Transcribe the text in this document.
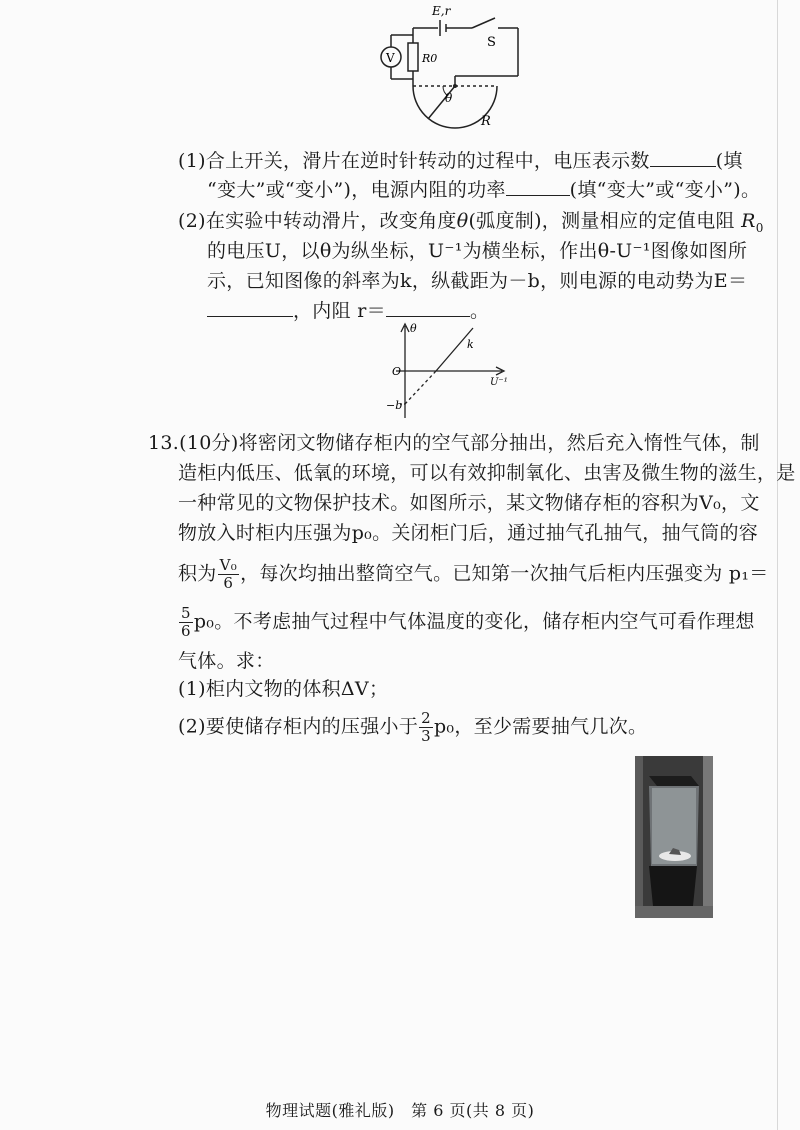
E,r
S
V R0
θ
R
(1)合上开关，滑片在逆时针转动的过程中，电压表示数	(填
“变大”或“变小”)，电源内阻的功率	(填“变大”或“变小”)。
(2)在实验中转动滑片，改变角度θ(弧度制)，测量相应的定值电阻 $R_0$
的电压U，以θ为纵坐标，U⁻¹为横坐标，作出θ-U⁻¹图像如图所
示，已知图像的斜率为k，纵截距为－b，则电源的电动势为E＝
，内阻 r＝	。
θ
U⁻¹
O
k
−b
13.(10分)将密闭文物储存柜内的空气部分抽出，然后充入惰性气体，制
造柜内低压、低氧的环境，可以有效抑制氧化、虫害及微生物的滋生，是
一种常见的文物保护技术。如图所示，某文物储存柜的容积为V₀，文
物放入时柜内压强为p₀。关闭柜门后，通过抽气孔抽气，抽气筒的容
积为 $\frac{\text{V₀}}{6}$ ，每次均抽出整筒空气。已知第一次抽气后柜内压强变为 p₁＝
$\frac{5}{6} p_0$。不考虑抽气过程中气体温度的变化，储存柜内空气可看作理想
气体。求：
(1)柜内文物的体积ΔV；
(2)要使储存柜内的压强小于 $\frac{2}{3} p_0$，至少需要抽气几次。
物理试题(雅礼版)　第 6 页(共 8 页)
